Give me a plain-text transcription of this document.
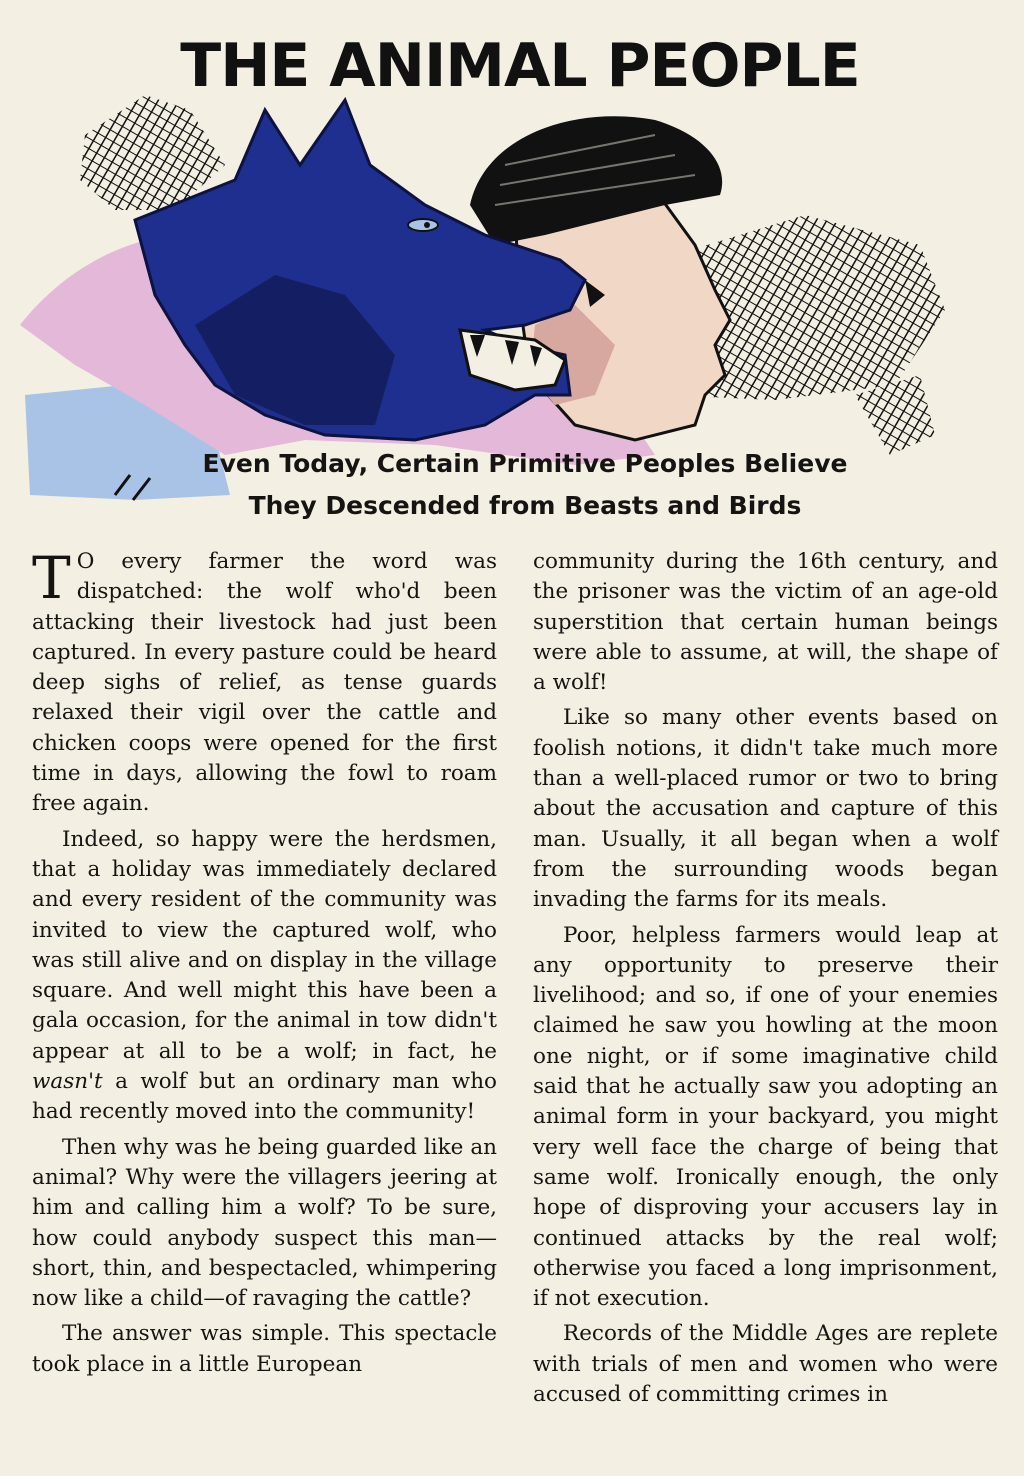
THE ANIMAL PEOPLE
Even Today, Certain Primitive Peoples Believe
They Descended from Beasts and Birds

T O every farmer the word was dispatched: the wolf who'd been attacking their livestock had just been captured. In every pasture could be heard deep sighs of relief, as tense guards relaxed their vigil over the cattle and chicken coops were opened for the first time in days, allowing the fowl to roam free again.

Indeed, so happy were the herdsmen, that a holiday was immediately declared and every resident of the community was invited to view the captured wolf, who was still alive and on display in the village square. And well might this have been a gala occasion, for the animal in tow didn't appear at all to be a wolf; in fact, he wasn't a wolf but an ordinary man who had recently moved into the community!

Then why was he being guarded like an animal? Why were the villagers jeering at him and calling him a wolf? To be sure, how could anybody suspect this man—short, thin, and bespectacled, whimpering now like a child—of ravaging the cattle?

The answer was simple. This spectacle took place in a little European

community during the 16th century, and the prisoner was the victim of an age-old superstition that certain human beings were able to assume, at will, the shape of a wolf!

Like so many other events based on foolish notions, it didn't take much more than a well-placed rumor or two to bring about the accusation and capture of this man. Usually, it all began when a wolf from the surrounding woods began invading the farms for its meals.

Poor, helpless farmers would leap at any opportunity to preserve their livelihood; and so, if one of your enemies claimed he saw you howling at the moon one night, or if some imaginative child said that he actually saw you adopting an animal form in your backyard, you might very well face the charge of being that same wolf. Ironically enough, the only hope of disproving your accusers lay in continued attacks by the real wolf; otherwise you faced a long imprisonment, if not execution.

Records of the Middle Ages are replete with trials of men and women who were accused of committing crimes in
